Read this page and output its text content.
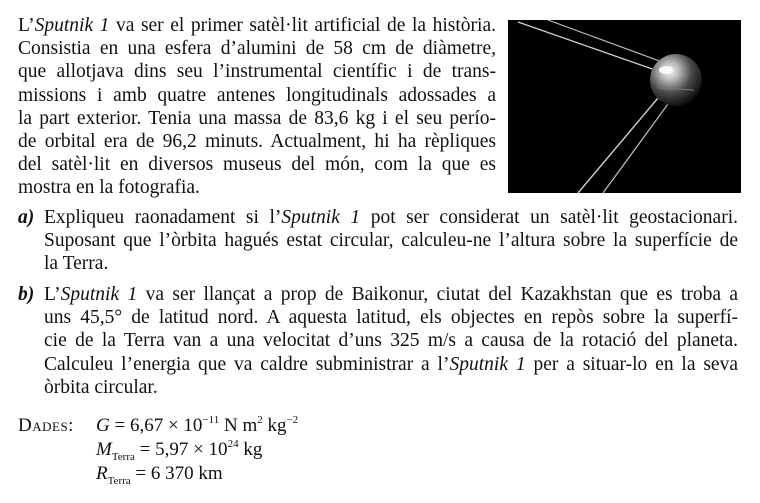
L’Sputnik 1 va ser el primer satèl·lit artificial de la història.
Consistia en una esfera d’alumini de 58 cm de diàmetre,
que allotjava dins seu l’instrumental científic i de trans-
missions i amb quatre antenes longitudinals adossades a
la part exterior. Tenia una massa de 83,6 kg i el seu perío-
de orbital era de 96,2 minuts. Actualment, hi ha rèpliques
del satèl·lit en diversos museus del món, com la que es
mostra en la fotografia.
a) Expliqueu raonadament si l’Sputnik 1 pot ser considerat un satèl·lit geostacionari.
Suposant que l’òrbita hagués estat circular, calculeu-ne l’altura sobre la superfície de
la Terra.
b) L’Sputnik 1 va ser llançat a prop de Baikonur, ciutat del Kazakhstan que es troba a
uns 45,5° de latitud nord. A aquesta latitud, els objectes en repòs sobre la superfí-
cie de la Terra van a una velocitat d’uns 325 m/s a causa de la rotació del planeta.
Calculeu l’energia que va caldre subministrar a l’Sputnik 1 per a situar-lo en la seva
òrbita circular.
Dades: $G = 6,67 \times 10^{-11}$ N $m^2$ $kg^{-2}$
$M_{Terra} = 5,97 \times 10^{24}$ kg
$R_{Terra} = 6$ 370 km
